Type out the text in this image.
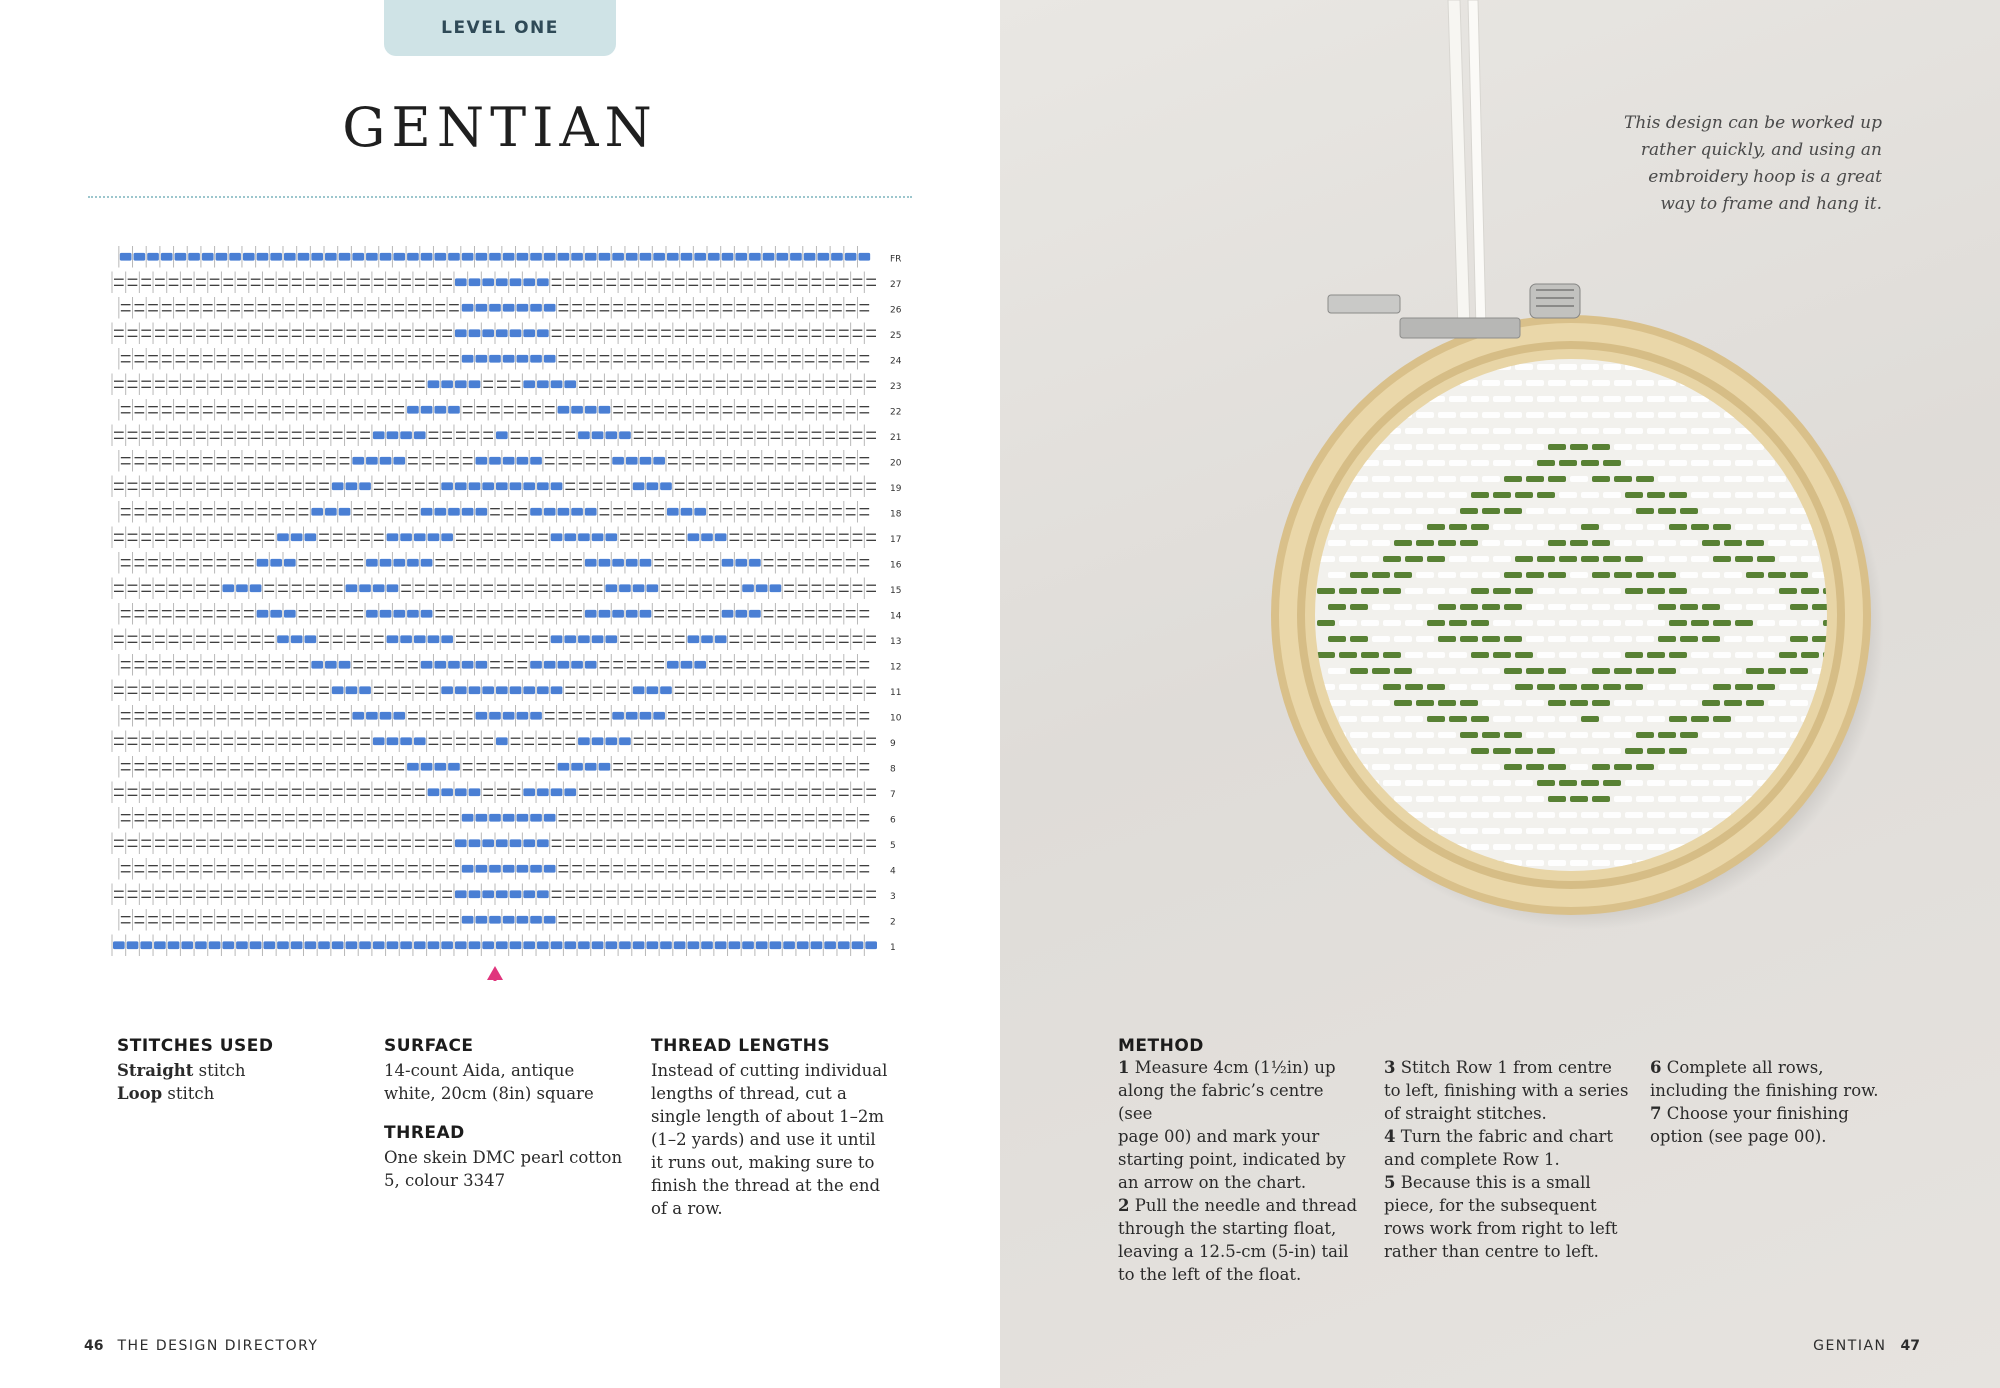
LEVEL ONE
GENTIAN
1
2
3
4
5
6
7
8
9
10
11
12
13
14
15
16
17
18
19
20
21
22
23
24
25
26
27
FR

STITCHES USED

Straight stitch

Loop stitch

SURFACE

14-count Aida, antique

white, 20cm (8in) square

THREAD

One skein DMC pearl cotton

5, colour 3347

THREAD LENGTHS

Instead of cutting individual

lengths of thread, cut a

single length of about 1–2m

(1–2 yards) and use it until

it runs out, making sure to

finish the thread at the end

of a row.

46 THE DESIGN DIRECTORY
This design can be worked up
rather quickly, and using an
embroidery hoop is a great
way to frame and hang it.

METHOD

1 Measure 4cm (1½in) up

along the fabric’s centre (see

page 00) and mark your

starting point, indicated by

an arrow on the chart.

2 Pull the needle and thread

through the starting float,

leaving a 12.5-cm (5-in) tail

to the left of the float.

3 Stitch Row 1 from centre

to left, finishing with a series

of straight stitches.

4 Turn the fabric and chart

and complete Row 1.

5 Because this is a small

piece, for the subsequent

rows work from right to left

rather than centre to left.

6 Complete all rows,

including the finishing row.

7 Choose your finishing

option (see page 00).

GENTIAN 47
